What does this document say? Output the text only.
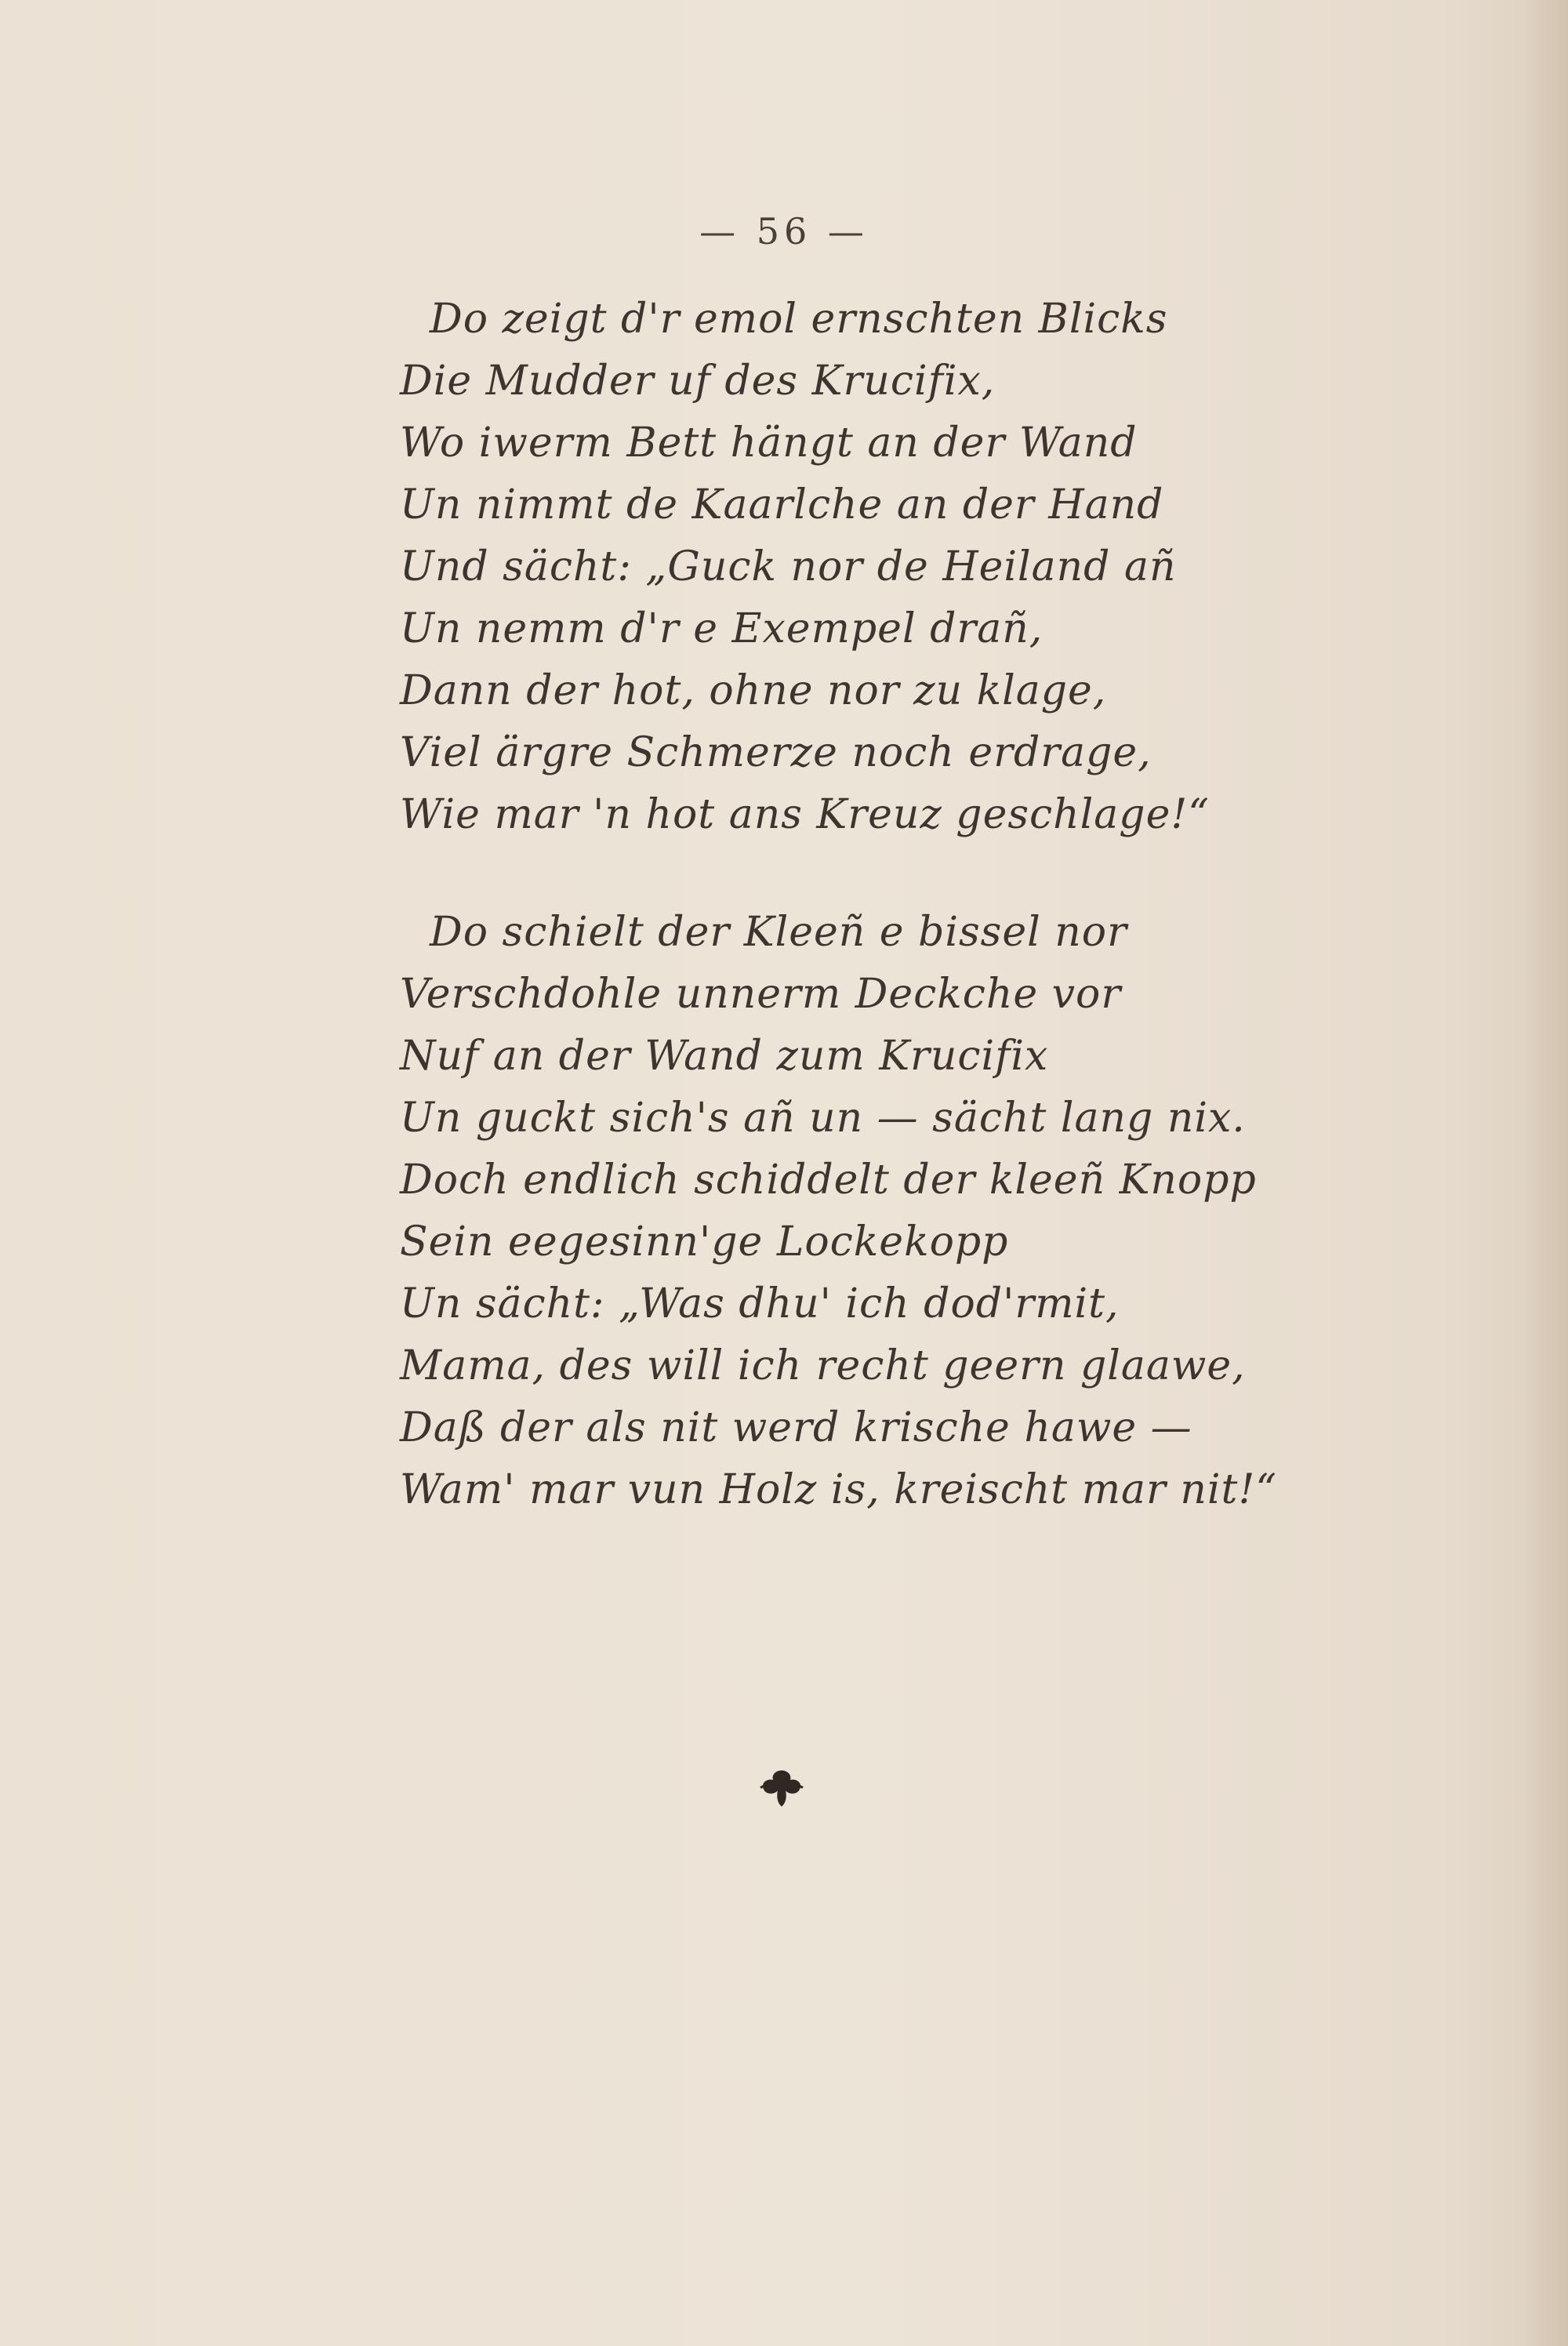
— 56 —
Do zeigt d'r emol ernschten Blicks
Die Mudder uf des Krucifix,
Wo iwerm Bett hängt an der Wand
Un nimmt de Kaarlche an der Hand
Und sächt: „Guck nor de Heiland añ
Un nemm d'r e Exempel drañ,
Dann der hot, ohne nor zu klage,
Viel ärgre Schmerze noch erdrage,
Wie mar 'n hot ans Kreuz geschlage!“
Do schielt der Kleeñ e bissel nor
Verschdohle unnerm Deckche vor
Nuf an der Wand zum Krucifix
Un guckt sich's añ un — sächt lang nix.
Doch endlich schiddelt der kleeñ Knopp
Sein eegesinn'ge Lockekopp
Un sächt: „Was dhu' ich dod'rmit,
Mama, des will ich recht geern glaawe,
Daß der als nit werd krische hawe —
Wam' mar vun Holz is, kreischt mar nit!“
